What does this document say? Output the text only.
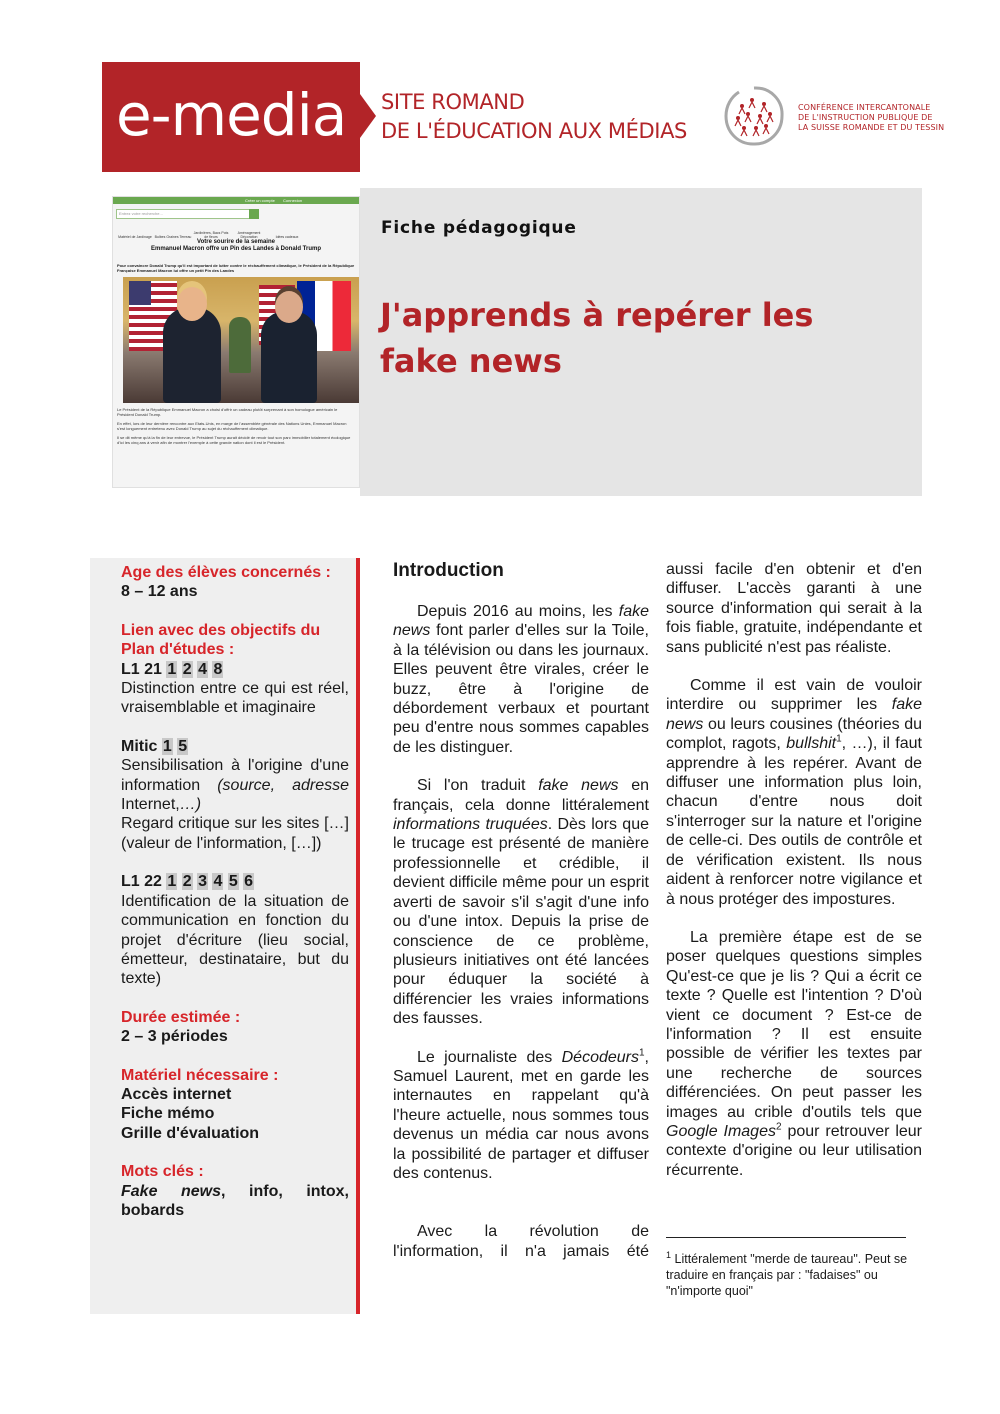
e-media SITE ROMAND
DE L'ÉDUCATION AUX MÉDIAS
CONFÉRENCE INTERCANTONALE
DE L'INSTRUCTION PUBLIQUE DE
LA SUISSE ROMANDE ET DU TESSIN
Créer un compte Connexion
Entrez votre recherche...
Matériel de Jardinage Bulbes Graines TerreauJardinières, Bacs Pots de fleursAménagement Décoration	Idées cadeaux
Votre sourire de la semaine
Emmanuel Macron offre un Pin des Landes à Donald Trump
Pour convaincre Donald Trump qu'il est important de lutter contre le réchauffement climatique, le Président de la République Française Emmanuel Macron lui offre un petit Pin des Landes

Le Président de la République Emmanuel Macron a choisi d'offrir un cadeau plutôt surprenant à son homologue américain le Président Donald Trump.

En effet, lors de leur dernière rencontre aux Etats-Unis, en marge de l'assemblée générale des Nations Unies, Emmanuel Macron s'est longuement entretenu avec Donald Trump au sujet du réchauffement climatique.

Il se dit même qu'à la fin de leur entrevue, le Président Trump aurait décidé de revoir tout son parc immobilier totalement écologique d'ici les cinq ans à venir afin de montrer l'exemple à cette grande nation dont il est le Président.

Fiche pédagogique
J'apprends à repérer les fake news

Age des élèves concernés :

8 – 12 ans

Lien avec des objectifs du Plan d'études :

L1 21 1 2 4 8

Distinction entre ce qui est réel, vraisemblable et imaginaire

Mitic 1 5

Sensibilisation à l'origine d'une information (source, adresse Internet,…)

Regard critique sur les sites […] (valeur de l'information, […])

L1 22 1 2 3 4 5 6

Identification de la situation de communication en fonction du projet d'écriture (lieu social, émetteur, destinataire, but du texte)

Durée estimée :

2 – 3 périodes

Matériel nécessaire :

Accès internet

Fiche mémo

Grille d'évaluation

Mots clés :

Fake news, info, intox,

bobards

Introduction

Depuis 2016 au moins, les fake news font parler d'elles sur la Toile, à la télévision ou dans les journaux. Elles peuvent être virales, créer le buzz, être à l'origine de débordement verbaux et pourtant peu d'entre nous sommes capables de les distinguer.

Si l'on traduit fake news en français, cela donne littéralement informations truquées. Dès lors que le trucage est présenté de manière professionnelle et crédible, il devient difficile même pour un esprit averti de savoir s'il s'agit d'une info ou d'une intox. Depuis la prise de conscience de ce problème, plusieurs initiatives ont été lancées pour éduquer la société à différencier les vraies informations des fausses.

Le journaliste des Décodeurs$^1$, Samuel Laurent, met en garde les internautes en rappelant qu'à l'heure actuelle, nous sommes tous devenus un média car nous avons la possibilité de partager et diffuser des contenus.

Avec la révolution de l'information, il n'a jamais été

aussi facile d'en obtenir et d'en diffuser. L'accès garanti à une source d'information qui serait à la fois fiable, gratuite, indépendante et sans publicité n'est pas réaliste.

Comme il est vain de vouloir interdire ou supprimer les fake news ou leurs cousines (théories du complot, ragots, bullshit$^1$, …), il faut apprendre à les repérer. Avant de diffuser une information plus loin, chacun d'entre nous doit s'interroger sur la nature et l'origine de celle-ci. Des outils de contrôle et de vérification existent. Ils nous aident à renforcer notre vigilance et à nous protéger des impostures.

La première étape est de se poser quelques questions simples Qu'est-ce que je lis ? Qui a écrit ce texte ? Quelle est l'intention ? D'où vient ce document ? Est-ce de l'information ? Il est ensuite possible de vérifier les textes par une recherche de sources différenciées. On peut passer les images au crible d'outils tels que Google Images$^2$ pour retrouver leur contexte d'origine ou leur utilisation récurrente.

$^1$ Littéralement "merde de taureau". Peut se traduire en français par : "fadaises" ou "n'importe quoi"
